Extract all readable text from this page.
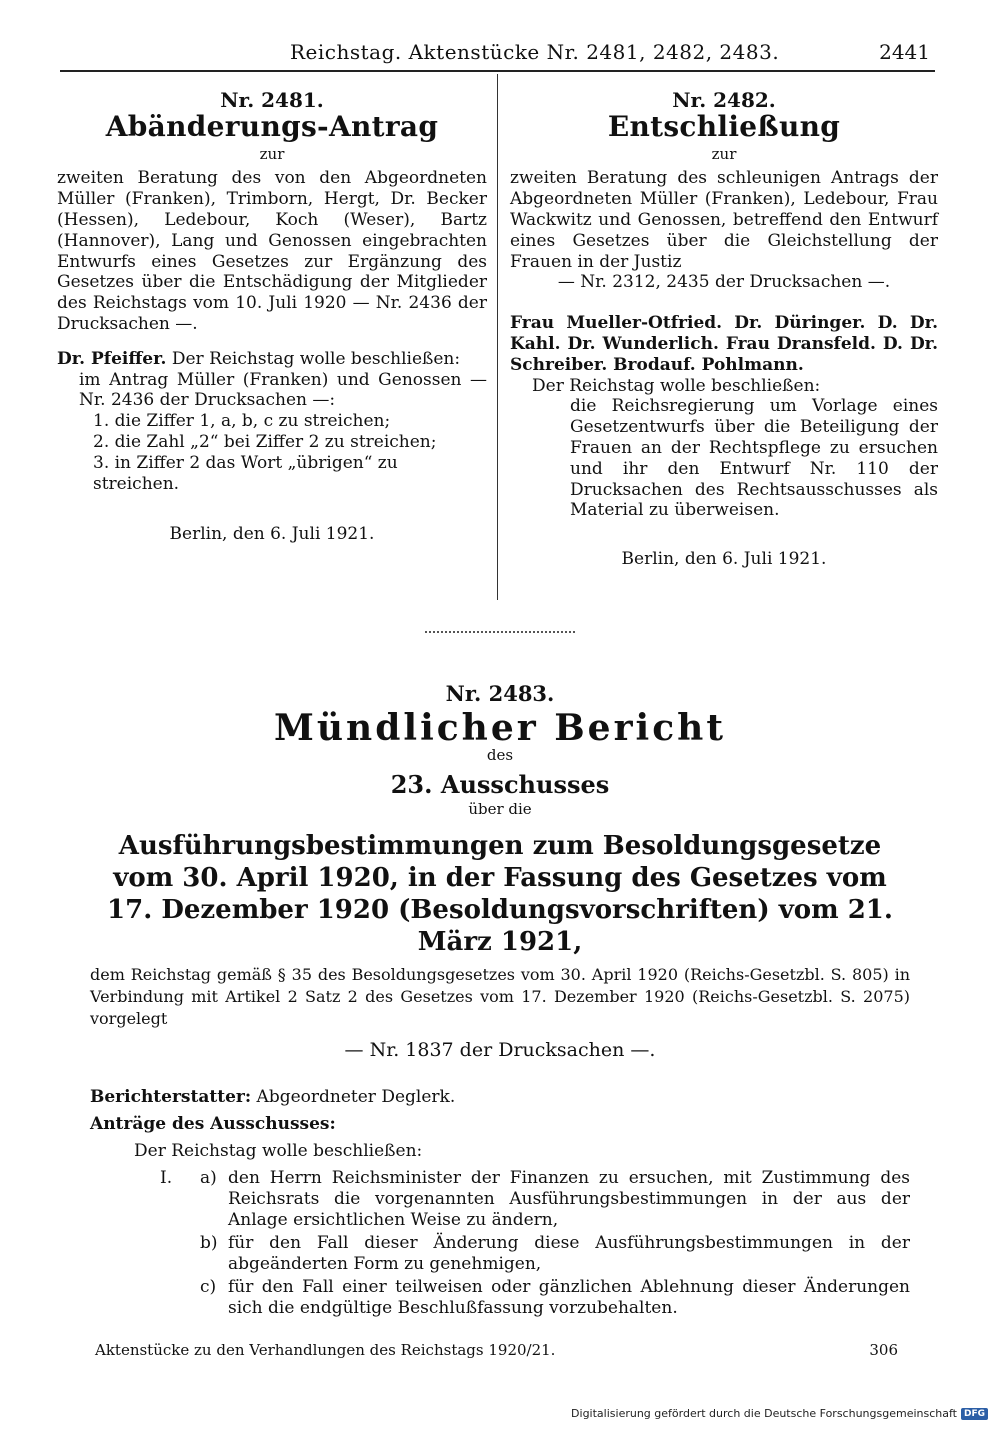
Reichstag. Aktenstücke Nr. 2481, 2482, 2483.	2441
Nr. 2481.
Abänderungs-Antrag
zur
zweiten Beratung des von den Abgeordneten Müller (Franken), Trimborn, Hergt, Dr. Becker (Hessen), Ledebour, Koch (Weser), Bartz (Hannover), Lang und Genossen eingebrachten Entwurfs eines Gesetzes zur Ergänzung des Gesetzes über die Entschädigung der Mitglieder des Reichstags vom 10. Juli 1920 — Nr. 2436 der Drucksachen —.
Dr. Pfeiffer. Der Reichstag wolle beschließen:
im Antrag Müller (Franken) und Genossen — Nr. 2436 der Drucksachen —:
1. die Ziffer 1, a, b, c zu streichen;
2. die Zahl „2“ bei Ziffer 2 zu streichen;
3. in Ziffer 2 das Wort „übrigen“ zu streichen.
Berlin, den 6. Juli 1921.
Nr. 2482.
Entschließung
zur
zweiten Beratung des schleunigen Antrags der Abgeordneten Müller (Franken), Ledebour, Frau Wackwitz und Genossen, betreffend den Entwurf eines Gesetzes über die Gleichstellung der Frauen in der Justiz
— Nr. 2312, 2435 der Drucksachen —.
Frau Mueller-Otfried. Dr. Düringer. D. Dr. Kahl. Dr. Wunderlich. Frau Dransfeld. D. Dr. Schreiber. Brodauf. Pohlmann.
Der Reichstag wolle beschließen:
die Reichsregierung um Vorlage eines Gesetzentwurfs über die Beteiligung der Frauen an der Rechtspflege zu ersuchen und ihr den Entwurf Nr. 110 der Drucksachen des Rechtsausschusses als Material zu überweisen.
Berlin, den 6. Juli 1921.
Nr. 2483.
Mündlicher Bericht
des
23. Ausschusses
über die
Ausführungsbestimmungen zum Besoldungsgesetze vom 30. April 1920, in der Fassung des Gesetzes vom 17. Dezember 1920 (Besoldungsvorschriften) vom 21. März 1921,
dem Reichstag gemäß § 35 des Besoldungsgesetzes vom 30. April 1920 (Reichs-Gesetzbl. S. 805) in Verbindung mit Artikel 2 Satz 2 des Gesetzes vom 17. Dezember 1920 (Reichs-Gesetzbl. S. 2075) vorgelegt
— Nr. 1837 der Drucksachen —.
Berichterstatter: Abgeordneter Deglerk.
Anträge des Ausschusses:
Der Reichstag wolle beschließen:
I.	a) den Herrn Reichsminister der Finanzen zu ersuchen, mit Zustimmung des Reichsrats die vorgenannten Ausführungsbestimmungen in der aus der Anlage ersichtlichen Weise zu ändern,
b) für den Fall dieser Änderung diese Ausführungsbestimmungen in der abgeänderten Form zu genehmigen,
c) für den Fall einer teilweisen oder gänzlichen Ablehnung dieser Änderungen sich die endgültige Beschlußfassung vorzubehalten.
Aktenstücke zu den Verhandlungen des Reichstags 1920/21.	306
Digitalisierung gefördert durch die Deutsche Forschungsgemeinschaft DFG
